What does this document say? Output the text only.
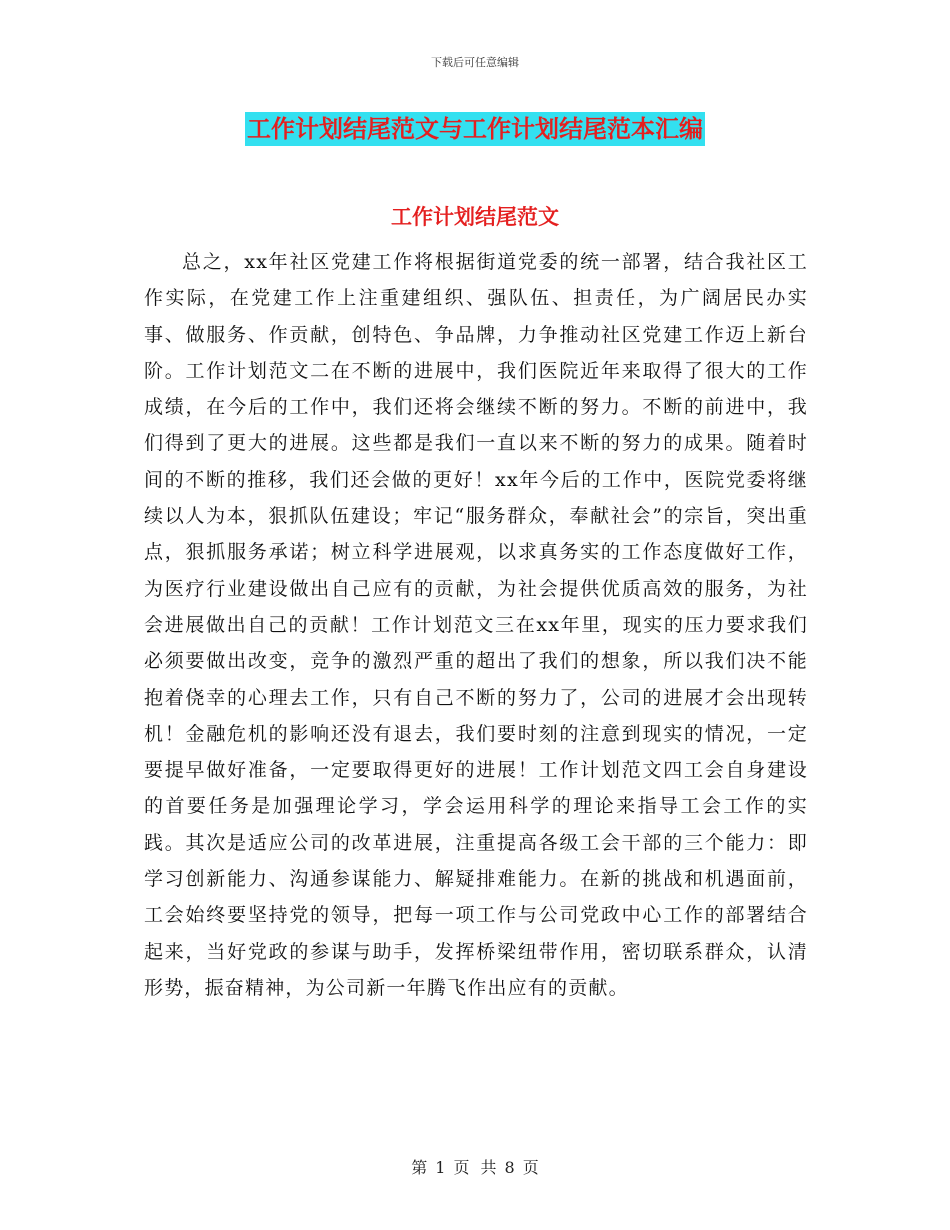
下载后可任意编辑
工作计划结尾范文与工作计划结尾范本汇编
工作计划结尾范文

总之，xx年社区党建工作将根据街道党委的统一部署，结合我社区工作实际，在党建工作上注重建组织、强队伍、担责任，为广阔居民办实事、做服务、作贡献，创特色、争品牌，力争推动社区党建工作迈上新台阶。工作计划范文二在不断的进展中，我们医院近年来取得了很大的工作成绩，在今后的工作中，我们还将会继续不断的努力。不断的前进中，我们得到了更大的进展。这些都是我们一直以来不断的努力的成果。随着时间的不断的推移，我们还会做的更好！xx年今后的工作中，医院党委将继续以人为本，狠抓队伍建设；牢记“服务群众，奉献社会”的宗旨，突出重点，狠抓服务承诺；树立科学进展观，以求真务实的工作态度做好工作，为医疗行业建设做出自己应有的贡献，为社会提供优质高效的服务，为社会进展做出自己的贡献！工作计划范文三在xx年里，现实的压力要求我们必须要做出改变，竞争的激烈严重的超出了我们的想象，所以我们决不能抱着侥幸的心理去工作，只有自己不断的努力了，公司的进展才会出现转机！金融危机的影响还没有退去，我们要时刻的注意到现实的情况，一定要提早做好准备，一定要取得更好的进展！工作计划范文四工会自身建设的首要任务是加强理论学习，学会运用科学的理论来指导工会工作的实践。其次是适应公司的改革进展，注重提高各级工会干部的三个能力：即学习创新能力、沟通参谋能力、解疑排难能力。在新的挑战和机遇面前，工会始终要坚持党的领导，把每一项工作与公司党政中心工作的部署结合起来，当好党政的参谋与助手，发挥桥梁纽带作用，密切联系群众，认清形势，振奋精神，为公司新一年腾飞作出应有的贡献。

第 1 页 共 8 页
